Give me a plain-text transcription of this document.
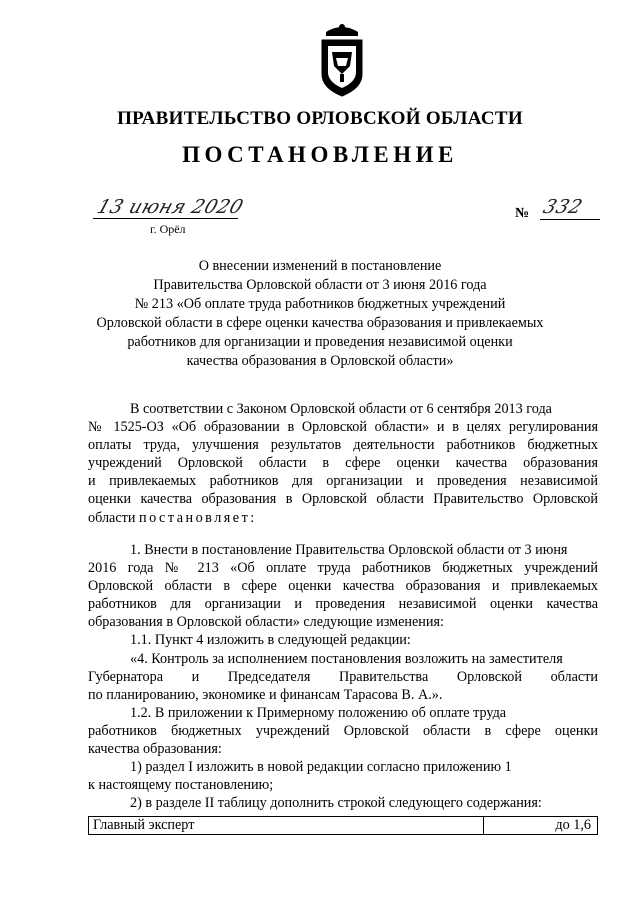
ПРАВИТЕЛЬСТВО ОРЛОВСКОЙ ОБЛАСТИ
ПОСТАНОВЛЕНИЕ
13 июня 2020	№ 332
г. Орёл
О внесении изменений в постановление
Правительства Орловской области от 3 июня 2016 года
№ 213 «Об оплате труда работников бюджетных учреждений
Орловской области в сфере оценки качества образования и привлекаемых
работников для организации и проведения независимой оценки
качества образования в Орловской области»
В соответствии с Законом Орловской области от 6 сентября 2013 года
№ 1525-ОЗ «Об образовании в Орловской области» и в целях регулирования
оплаты труда, улучшения результатов деятельности работников бюджетных
учреждений Орловской области в сфере оценки качества образования
и привлекаемых работников для организации и проведения независимой
оценки качества образования в Орловской области Правительство Орловской
области постановляет:
1. Внести в постановление Правительства Орловской области от 3 июня
2016 года № 213 «Об оплате труда работников бюджетных учреждений
Орловской области в сфере оценки качества образования и привлекаемых
работников для организации и проведения независимой оценки качества
образования в Орловской области» следующие изменения:
1.1. Пункт 4 изложить в следующей редакции:
«4. Контроль за исполнением постановления возложить на заместителя
Губернатора и Председателя Правительства Орловской области
по планированию, экономике и финансам Тарасова В. А.».
1.2. В приложении к Примерному положению об оплате труда
работников бюджетных учреждений Орловской области в сфере оценки
качества образования:
1) раздел I изложить в новой редакции согласно приложению 1
к настоящему постановлению;
2) в разделе II таблицу дополнить строкой следующего содержания:
Главный эксперт	до 1,6
